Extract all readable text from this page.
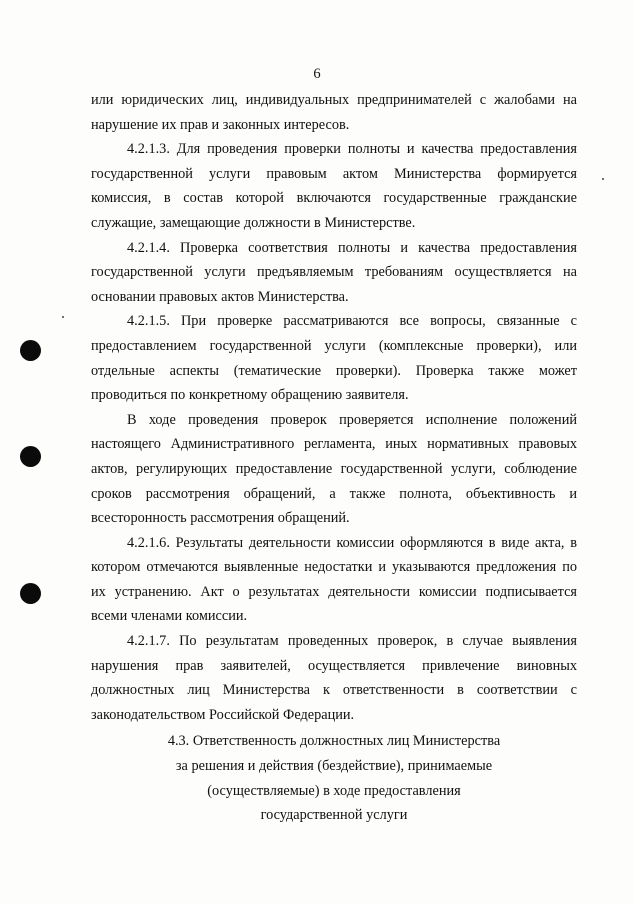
6

или юридических лиц, индивидуальных предпринимателей с жалобами на нарушение их прав и законных интересов.

4.2.1.3. Для проведения проверки полноты и качества предоставления государственной услуги правовым актом Министерства формируется комиссия, в состав которой включаются государственные гражданские служащие, замещающие должности в Министерстве.

4.2.1.4. Проверка соответствия полноты и качества предоставления государственной услуги предъявляемым требованиям осуществляется на основании правовых актов Министерства.

4.2.1.5. При проверке рассматриваются все вопросы, связанные с предоставлением государственной услуги (комплексные проверки), или отдельные аспекты (тематические проверки). Проверка также может проводиться по конкретному обращению заявителя.

В ходе проведения проверок проверяется исполнение положений настоящего Административного регламента, иных нормативных правовых актов, регулирующих предоставление государственной услуги, соблюдение сроков рассмотрения обращений, а также полнота, объективность и всесторонность рассмотрения обращений.

4.2.1.6. Результаты деятельности комиссии оформляются в виде акта, в котором отмечаются выявленные недостатки и указываются предложения по их устранению. Акт о результатах деятельности комиссии подписывается всеми членами комиссии.

4.2.1.7. По результатам проведенных проверок, в случае выявления нарушения прав заявителей, осуществляется привлечение виновных должностных лиц Министерства к ответственности в соответствии с законодательством Российской Федерации.

4.3. Ответственность должностных лиц Министерства
за решения и действия (бездействие), принимаемые
(осуществляемые) в ходе предоставления
государственной услуги
